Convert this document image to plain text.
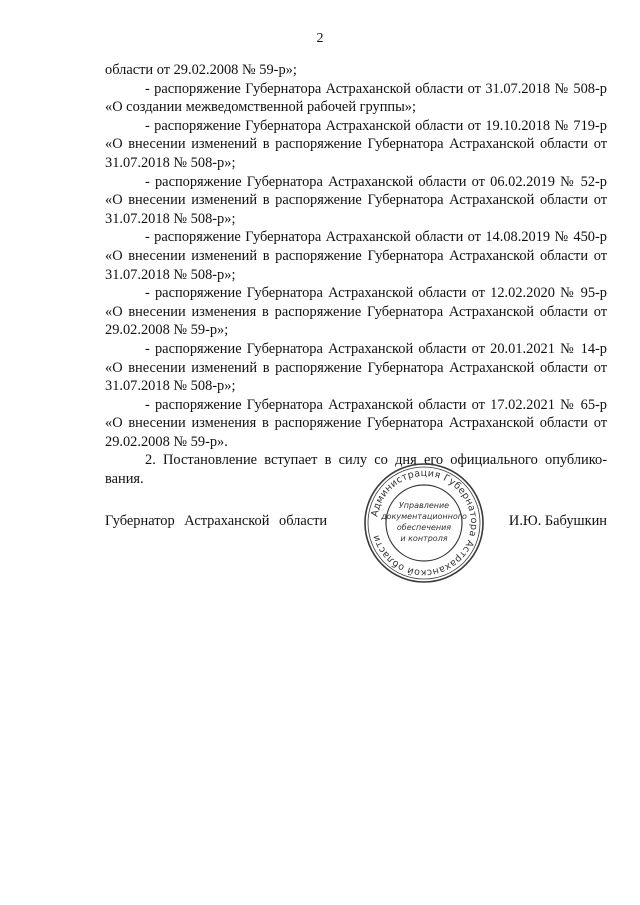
2

области от 29.02.2008 № 59-р»;

- распоряжение Губернатора Астраханской области от 31.07.2018 № 508-р «О создании межведомственной рабочей группы»;

- распоряжение Губернатора Астраханской области от 19.10.2018 № 719-р «О внесении изменений в распоряжение Губернатора Астраханской области от 31.07.2018 № 508-р»;

- распоряжение Губернатора Астраханской области от 06.02.2019 № 52-р «О внесении изменений в распоряжение Губернатора Астраханской области от 31.07.2018 № 508-р»;

- распоряжение Губернатора Астраханской области от 14.08.2019 № 450-р «О внесении изменений в распоряжение Губернатора Астраханской области от 31.07.2018 № 508-р»;

- распоряжение Губернатора Астраханской области от 12.02.2020 № 95-р «О внесении изменения в распоряжение Губернатора Астраханской области от 29.02.2008 № 59-р»;

- распоряжение Губернатора Астраханской области от 20.01.2021 № 14-р «О внесении изменений в распоряжение Губернатора Астраханской области от 31.07.2018 № 508-р»;

- распоряжение Губернатора Астраханской области от 17.02.2021 № 65-р «О внесении изменения в распоряжение Губернатора Астраханской области от 29.02.2008 № 59-р».

2. Постановление вступает в силу со дня его официального опублико-вания.

Губернатор Астраханской области	Администрация Губернатора Астраханской области
Управление
документационного
обеспечения
и контроля
И.Ю. Бабушкин
